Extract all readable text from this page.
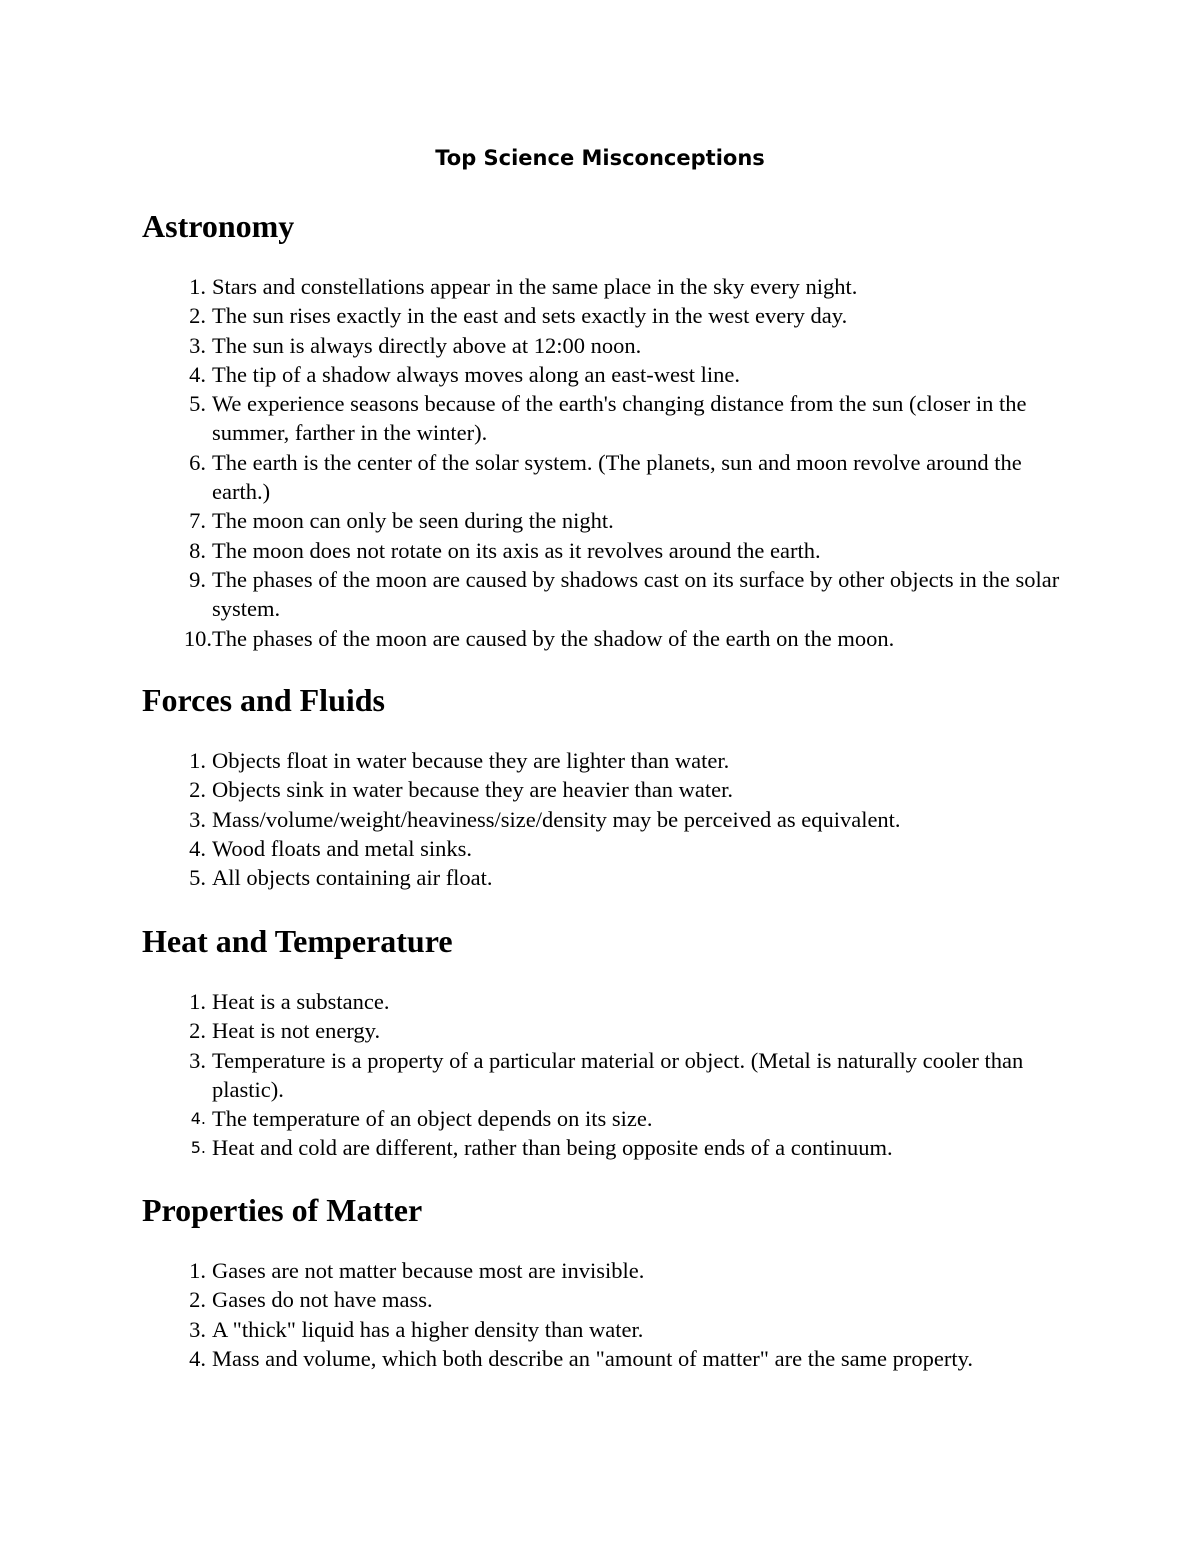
Top Science Misconceptions
Astronomy
1. Stars and constellations appear in the same place in the sky every night.
2. The sun rises exactly in the east and sets exactly in the west every day.
3. The sun is always directly above at 12:00 noon.
4. The tip of a shadow always moves along an east-west line.
5. We experience seasons because of the earth's changing distance from the sun (closer in the summer, farther in the winter).
6. The earth is the center of the solar system. (The planets, sun and moon revolve around the earth.)
7. The moon can only be seen during the night.
8. The moon does not rotate on its axis as it revolves around the earth.
9. The phases of the moon are caused by shadows cast on its surface by other objects in the solar system.
10. The phases of the moon are caused by the shadow of the earth on the moon.
Forces and Fluids
1. Objects float in water because they are lighter than water.
2. Objects sink in water because they are heavier than water.
3. Mass/volume/weight/heaviness/size/density may be perceived as equivalent.
4. Wood floats and metal sinks.
5. All objects containing air float.
Heat and Temperature
1. Heat is a substance.
2. Heat is not energy.
3. Temperature is a property of a particular material or object. (Metal is naturally cooler than plastic).
4. The temperature of an object depends on its size.
5. Heat and cold are different, rather than being opposite ends of a continuum.
Properties of Matter
1. Gases are not matter because most are invisible.
2. Gases do not have mass.
3. A "thick" liquid has a higher density than water.
4. Mass and volume, which both describe an "amount of matter" are the same property.
